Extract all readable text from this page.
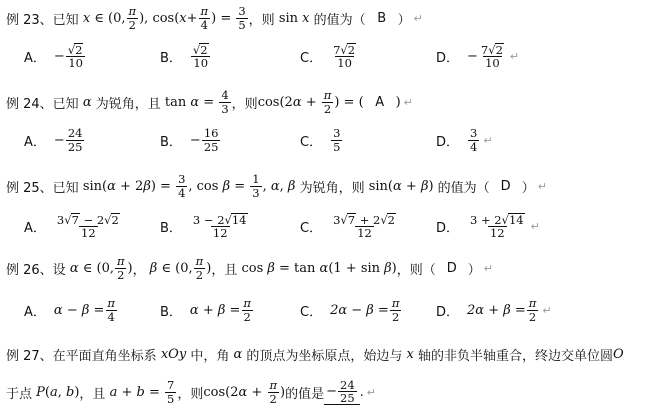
例 23、已知
x ∈ (0, π
2 ), cos( x + π
4 ) = 3
5 ，则 sin x
的值为（ B ） ↵
A． − $\frac{√2}{10}$	B．
√2
10	C．
7√2
10	D． − $\frac{7√2}{10}$ ↵
例 24、已知
α
为锐角，且 tan α = 4
3 ，则 cos(2 $\alpha + \frac{\pi}{2}$ ) = ( A ) ↵
A． − $\frac{24}{25}$	B． − $\frac{16}{25}$	C．
3
5	D．
3
4 ↵
例 25、已知 sin( α + 2 β ) = 3
4 , cos β = 1
3 , α , β
为锐角，则 sin( α + β ) 的值为（ D ） ↵
A．
3√7 − 2√2
12	B．
3 − 2√14
12	C．
3√7 + 2√2
12	D．
3 + 2√14
12 ↵
例 26、设
α ∈ (0, π
2 ) ，
β ∈ (0, π
2 ) ，且 cos β = tan α (1 + sin β ) ，则（ D ） ↵
A． $\alpha - \beta = \frac{\pi}{4}$	B． $\alpha + \beta = \frac{\pi}{2}$	C． $2\alpha - \beta = \frac{\pi}{2}$	D． $2\alpha + \beta = \frac{\pi}{2}$ ↵
例 27、在平面直角坐标系
xOy
中，角
α
的顶点为坐标原点，始边与
x
轴的非负半轴重合，终边交单位圆 O
于点
P ( a , b ) ，且
a + b = 7
5 ，则 cos(2 α + π
2 ) 的值是 − $\frac{24}{25}$ . ↵
